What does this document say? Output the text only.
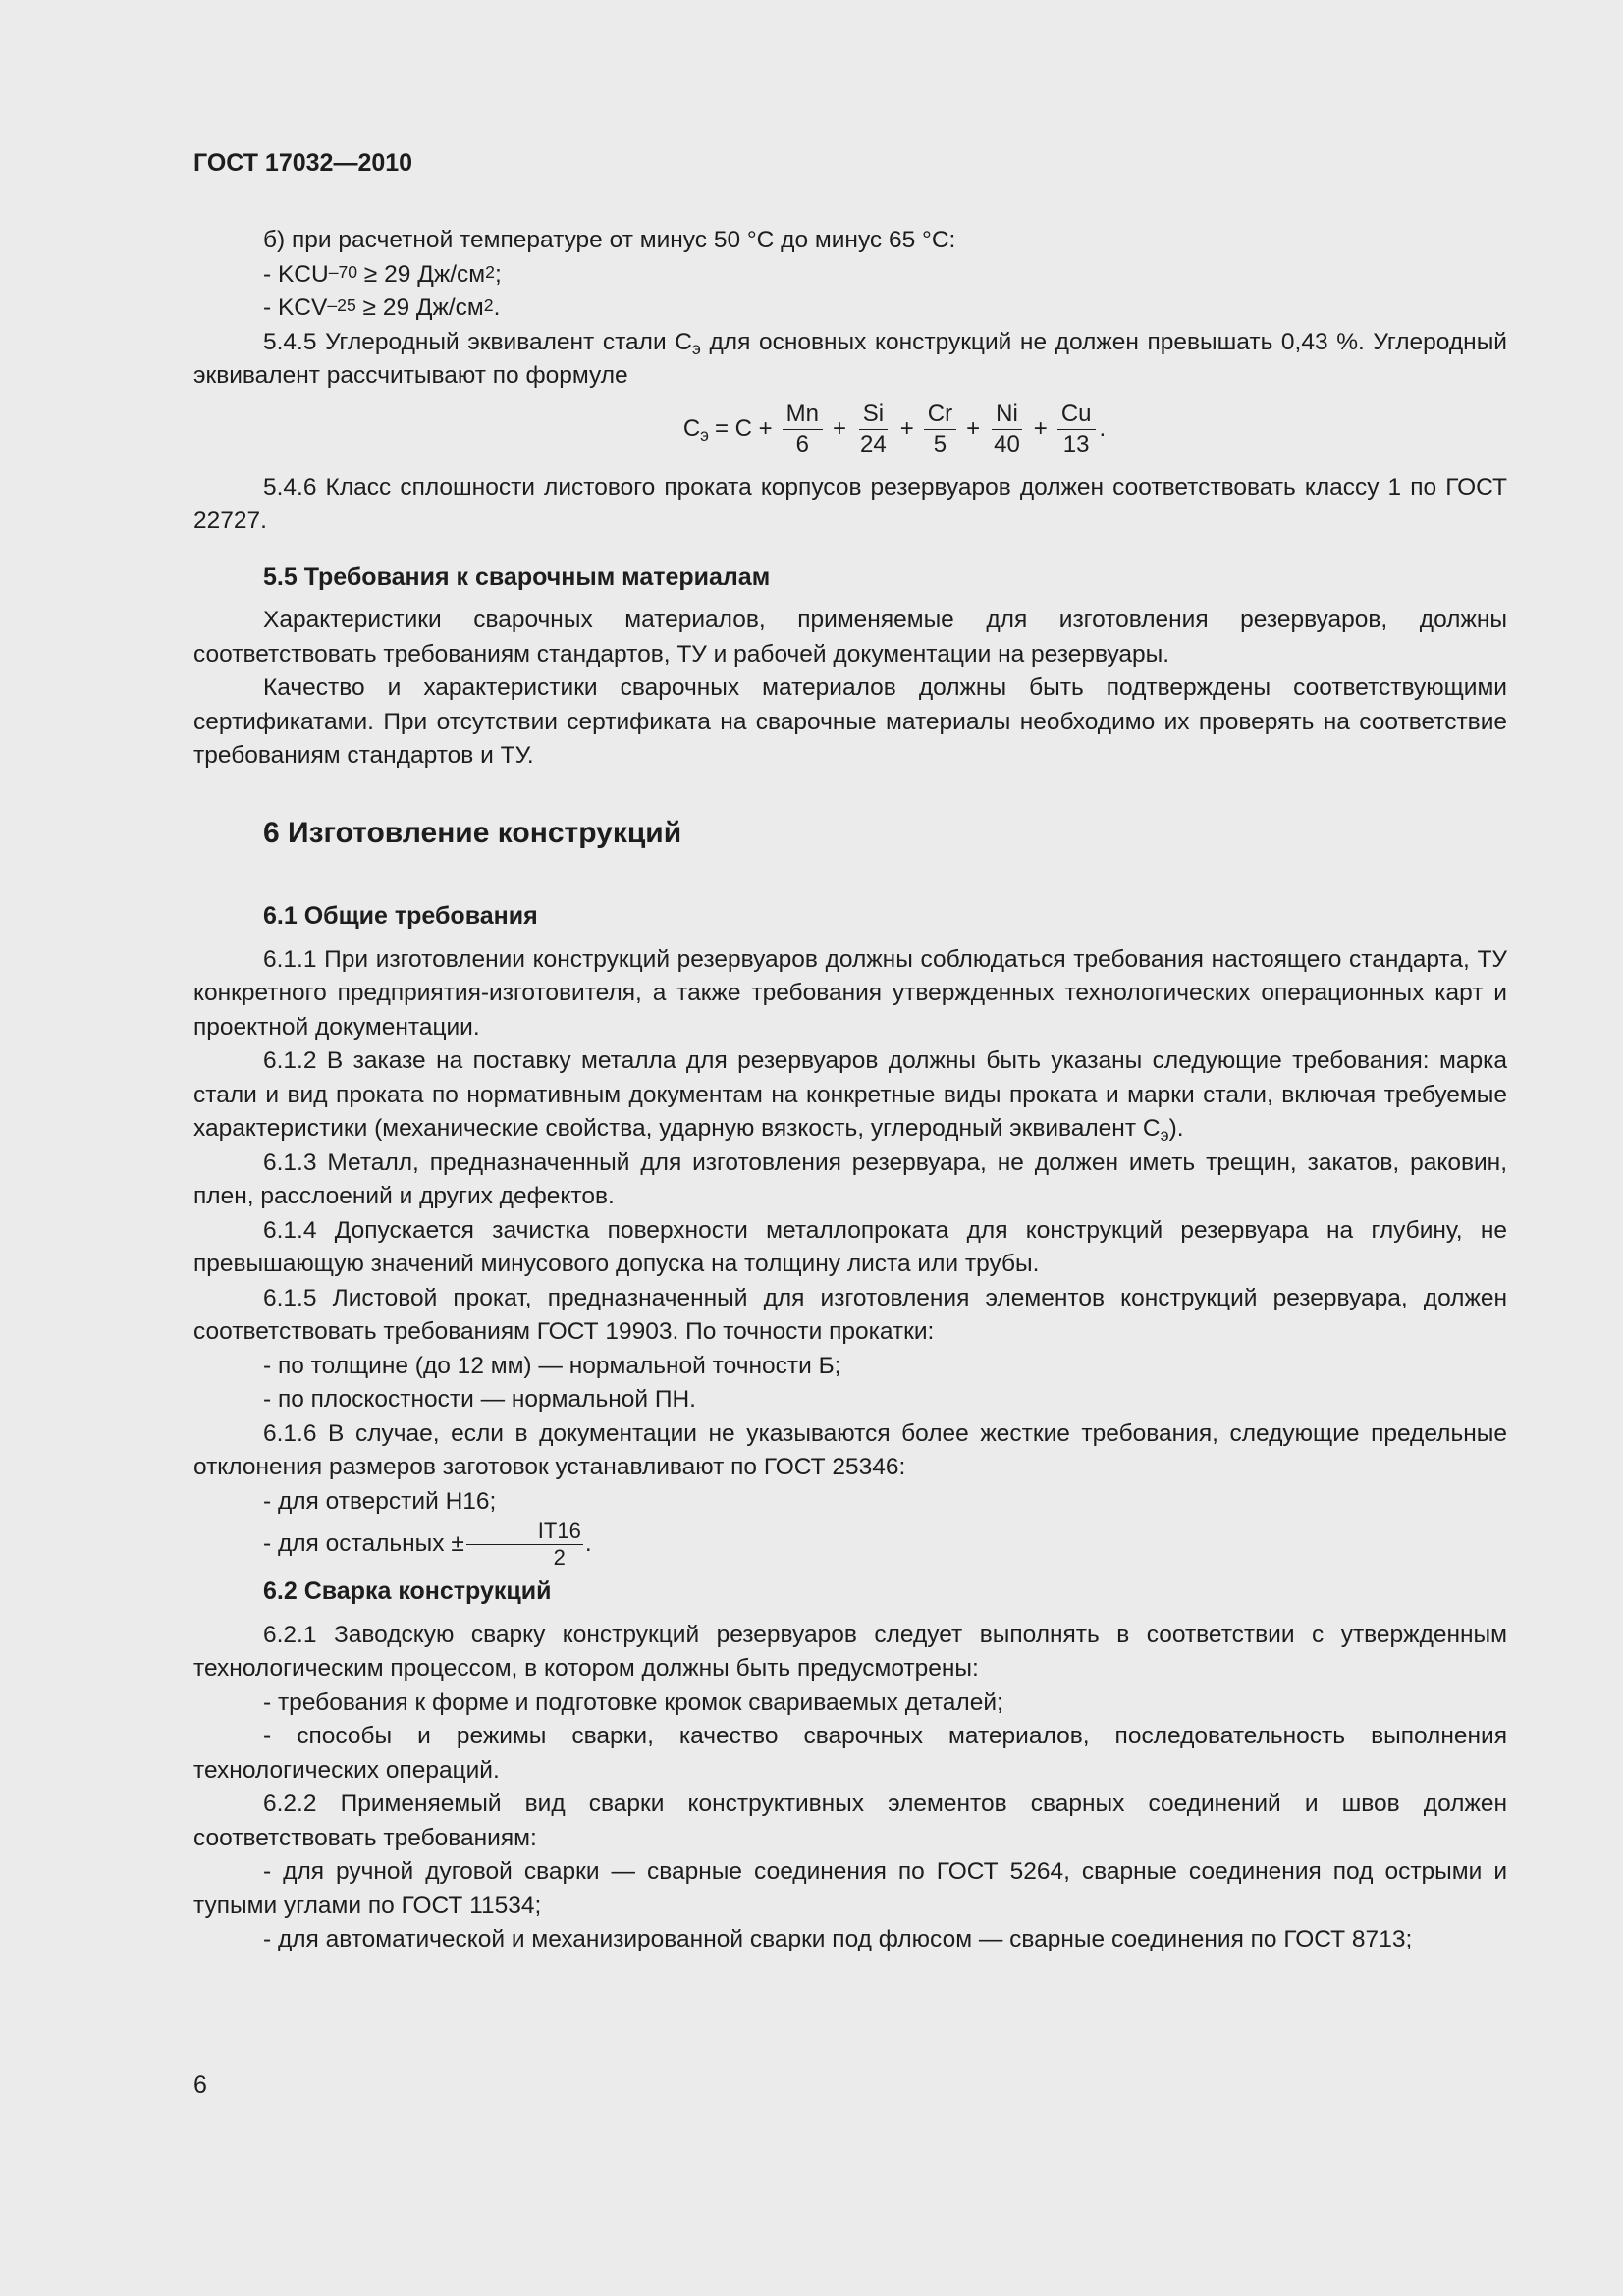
ГОСТ 17032—2010

б) при расчетной температуре от минус 50 °С до минус 65 °С:

- $KCU^{-70} \ge 29$ $Дж/см^2$;

- $KCV^{-25} \ge 29$ $Дж/см^2$.

5.4.5 Углеродный эквивалент стали $С_э$ для основных конструкций не должен превышать 0,43 %. Углеродный эквивалент рассчитывают по формуле

$С_э = С + \frac{Mn}{6} + \frac{Si}{24} + \frac{Cr}{5} + \frac{Ni}{40} + \frac{Cu}{13}$ .

5.4.6 Класс сплошности листового проката корпусов резервуаров должен соответствовать классу 1 по ГОСТ 22727.

5.5 Требования к сварочным материалам

Характеристики сварочных материалов, применяемые для изготовления резервуаров, должны соответствовать требованиям стандартов, ТУ и рабочей документации на резервуары.

Качество и характеристики сварочных материалов должны быть подтверждены соответствующими сертификатами. При отсутствии сертификата на сварочные материалы необходимо их проверять на соответствие требованиям стандартов и ТУ.

6 Изготовление конструкций
6.1 Общие требования

6.1.1 При изготовлении конструкций резервуаров должны соблюдаться требования настоящего стандарта, ТУ конкретного предприятия-изготовителя, а также требования утвержденных технологических операционных карт и проектной документации.

6.1.2 В заказе на поставку металла для резервуаров должны быть указаны следующие требования: марка стали и вид проката по нормативным документам на конкретные виды проката и марки стали, включая требуемые характеристики (механические свойства, ударную вязкость, углеродный эквивалент $С_э$).

6.1.3 Металл, предназначенный для изготовления резервуара, не должен иметь трещин, закатов, раковин, плен, расслоений и других дефектов.

6.1.4 Допускается зачистка поверхности металлопроката для конструкций резервуара на глубину, не превышающую значений минусового допуска на толщину листа или трубы.

6.1.5 Листовой прокат, предназначенный для изготовления элементов конструкций резервуара, должен соответствовать требованиям ГОСТ 19903. По точности прокатки:

- по толщине (до 12 мм) — нормальной точности Б;

- по плоскостности — нормальной ПН.

6.1.6 В случае, если в документации не указываются более жесткие требования, следующие предельные отклонения размеров заготовок устанавливают по ГОСТ 25346:

- для отверстий H16;

- для остальных ± $\frac{IT16}{2}$ .

6.2 Сварка конструкций

6.2.1 Заводскую сварку конструкций резервуаров следует выполнять в соответствии с утвержденным технологическим процессом, в котором должны быть предусмотрены:

- требования к форме и подготовке кромок свариваемых деталей;

- способы и режимы сварки, качество сварочных материалов, последовательность выполнения технологических операций.

6.2.2 Применяемый вид сварки конструктивных элементов сварных соединений и швов должен соответствовать требованиям:

- для ручной дуговой сварки — сварные соединения по ГОСТ 5264, сварные соединения под острыми и тупыми углами по ГОСТ 11534;

- для автоматической и механизированной сварки под флюсом — сварные соединения по ГОСТ 8713;

6
